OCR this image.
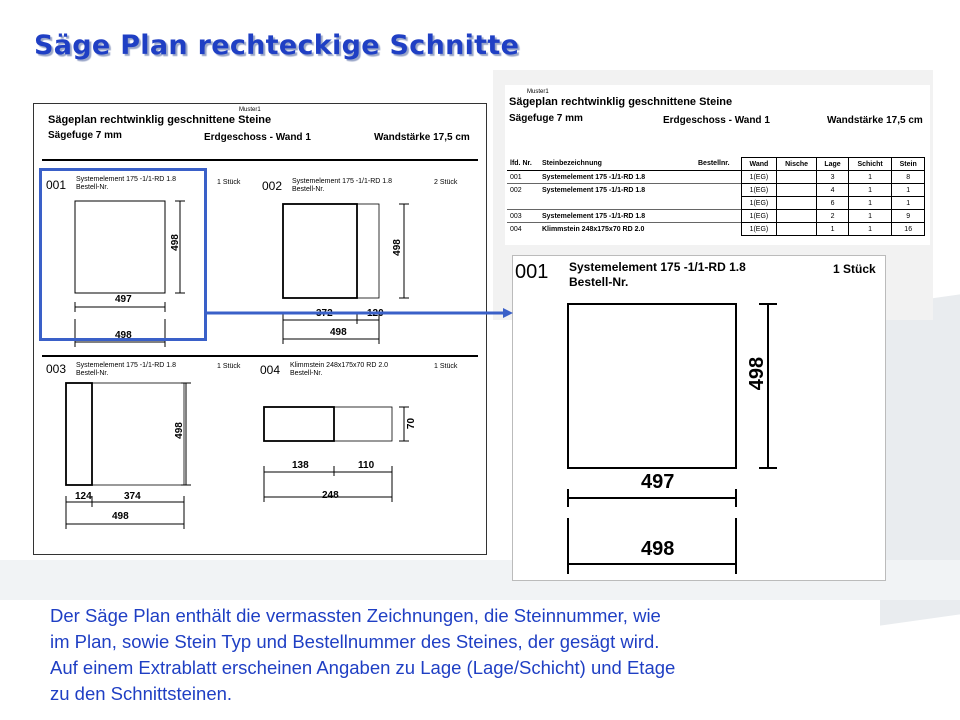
Säge Plan rechteckige Schnitte
Muster1
Sägeplan rechtwinklig geschnittene Steine
Sägefuge 7 mm	Erdgeschoss - Wand 1	Wandstärke 17,5 cm
001 Systemelement 175 -1/1-RD 1.8
Bestell-Nr.
1 Stück
498
497
498
002 Systemelement 175 -1/1-RD 1.8
Bestell-Nr.
2 Stück
498
372	120
498
003 Systemelement 175 -1/1-RD 1.8
Bestell-Nr.
1 Stück
498
124	374
498
004 Klimmstein 248x175x70 RD 2.0
Bestell-Nr.
1 Stück
70
138	110
248
Muster1
Sägeplan rechtwinklig geschnittene Steine
Sägefuge 7 mm	Erdgeschoss - Wand 1	Wandstärke 17,5 cm
lfd. Nr.	Steinbezeichnung	Bestellnr.	Wand	Nische	Lage	Schicht	Stein
001	Systemelement 175 -1/1-RD 1.8		1(EG)		3	1	8
002	Systemelement 175 -1/1-RD 1.8		1(EG)		4	1	1
			1(EG)		6	1	1
003	Systemelement 175 -1/1-RD 1.8		1(EG)		2	1	9
004	Klimmstein 248x175x70 RD 2.0		1(EG)		1	1	16
001 Systemelement 175 -1/1-RD 1.8
Bestell-Nr.
1 Stück
498
497
498
Der Säge Plan enthält die vermassten Zeichnungen, die Steinnummer, wie
im Plan, sowie Stein Typ und Bestellnummer des Steines, der gesägt wird.
Auf einem Extrablatt erscheinen Angaben zu Lage (Lage/Schicht) und Etage
zu den Schnittsteinen.
